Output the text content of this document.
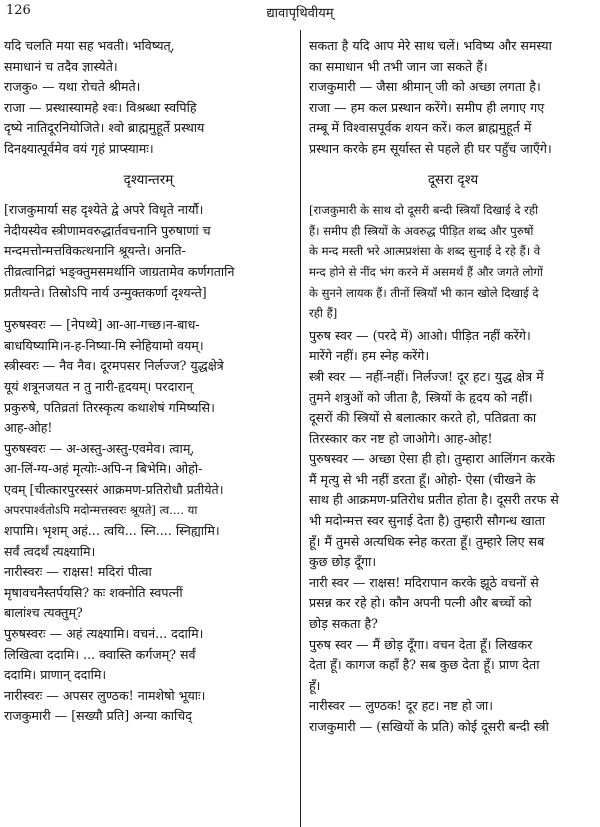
126	द्यावापृथिवीयम्
यदि चलति मया सह भवती। भविष्यत्,
समाधानं च तदैव ज्ञास्येते।
राजकु० — यथा रोचते श्रीमते।
राजा — प्रस्थास्यामहे श्वः। विश्रब्धा स्वपिहि
दृष्ये नातिदूरनियोजिते। श्वो ब्राह्ममुहूर्ते प्रस्थाय
दिनक्ष्यात्पूर्वमेव वयं गृहं प्राप्स्यामः।
दृश्यान्तरम्
[राजकुमार्या सह दृश्येते द्वे अपरे विधृते नार्यौ।
नेदीयस्येव स्त्रीणामवरुद्धार्तवचनानि पुरुषाणां च
मन्दमत्तोन्मत्तविकत्थनानि श्रूयन्ते। अनति-
तीव्रत्वानिद्रां भङ्क्तुमसमर्थानि जाग्रतामेव कर्णगतानि
प्रतीयन्ते। तिस्रोऽपि नार्य उन्मुक्तकर्णा दृश्यन्ते]
पुरुषस्वरः — [नेपथ्ये] आ-आ-गच्छ।न-बाध-
बाधयिष्यामि।न-ह-निष्या-मि स्नेहियामो वयम्।
स्त्रीस्वरः — नैव नैव। दूरमपसर निर्लज्ज? युद्धक्षेत्रे
यूयं शत्रूनजयत न तु नारी-हृदयम्। परदारान्
प्रकुरुषे, पतिव्रतां तिरस्कृत्य कथाशेषं गमिष्यसि।
आह-ओह!
पुरुषस्वरः — अ-अस्तु-अस्तु-एवमेव। त्वाम्,
आ-लिं-ग्य-अहं मृत्योः-अपि-न बिभेमि। ओहो-
एवम् [चीत्कारपुरस्सरं आक्रमण-प्रतिरोधौ प्रतीयेते।
अपरपार्श्वतोऽपि मदोन्मत्तस्वरः श्रूयते] त्व.... या
शपामि। भृशम् अहं... त्वयि... स्नि.... स्निह्यामि।
सर्वं त्वदर्थं त्यक्ष्यामि।
नारीस्वरः — राक्षस! मदिरां पीत्वा
मृषावचनैस्तर्पयसि? कः शक्नोति स्वपत्नीं
बालांश्च त्यक्तुम्?
पुरुषस्वरः — अहं त्यक्ष्यामि। वचनं... ददामि।
लिखित्वा ददामि। ... क्वास्ति कर्गजम्? सर्वं
ददामि। प्राणान् ददामि।
नारीस्वरः — अपसर लुण्ठक! नामशेषो भूयाः।
राजकुमारी — [सख्यौ प्रति] अन्या काचिद्
सकता है यदि आप मेरे साथ चलें। भविष्य और समस्या
का समाधान भी तभी जान जा सकते हैं।
राजकुमारी — जैसा श्रीमान् जी को अच्छा लगता है।
राजा — हम कल प्रस्थान करेंगे। समीप ही लगाए गए
तम्बू में विश्वासपूर्वक शयन करें। कल ब्राह्ममुहूर्त में
प्रस्थान करके हम सूर्यास्त से पहले ही घर पहुँच जाएँगे।
दूसरा दृश्य
[राजकुमारी के साथ दो दूसरी बन्दी स्त्रियाँ दिखाई दे रही
हैं। समीप ही स्त्रियों के अवरुद्ध पीड़ित शब्द और पुरुषों
के मन्द मस्ती भरे आत्मप्रशंसा के शब्द सुनाई दे रहे हैं। वे
मन्द होने से नींद भंग करने में असमर्थ हैं और जगते लोगों
के सुनने लायक हैं। तीनों स्त्रियाँ भी कान खोले दिखाई दे
रही हैं]
पुरुष स्वर — (परदे में) आओ। पीड़ित नहीं करेंगे।
मारेंगे नहीं। हम स्नेह करेंगे।
स्त्री स्वर — नहीं-नहीं। निर्लज्ज! दूर हट। युद्ध क्षेत्र में
तुमने शत्रुओं को जीता है, स्त्रियों के हृदय को नहीं।
दूसरों की स्त्रियों से बलात्कार करते हो, पतिव्रता का
तिरस्कार कर नष्ट हो जाओगे। आह-ओह!
पुरुषस्वर — अच्छा ऐसा ही हो। तुम्हारा आलिंगन करके
मैं मृत्यु से भी नहीं डरता हूँ। ओहो- ऐसा (चीखने के
साथ ही आक्रमण-प्रतिरोध प्रतीत होता है। दूसरी तरफ से
भी मदोन्मत्त स्वर सुनाई देता है) तुम्हारी सौगन्ध खाता
हूँ। मैं तुमसे अत्यधिक स्नेह करता हूँ। तुम्हारे लिए सब
कुछ छोड़ दूँगा।
नारी स्वर — राक्षस! मदिरापान करके झूठे वचनों से
प्रसन्न कर रहे हो। कौन अपनी पत्नी और बच्चों को
छोड़ सकता है?
पुरुष स्वर — मैं छोड़ दूँगा। वचन देता हूँ। लिखकर
देता हूँ। कागज कहाँ है? सब कुछ देता हूँ। प्राण देता
हूँ।
नारीस्वर — लुण्ठक! दूर हट। नष्ट हो जा।
राजकुमारी — (सखियों के प्रति) कोई दूसरी बन्दी स्त्री
